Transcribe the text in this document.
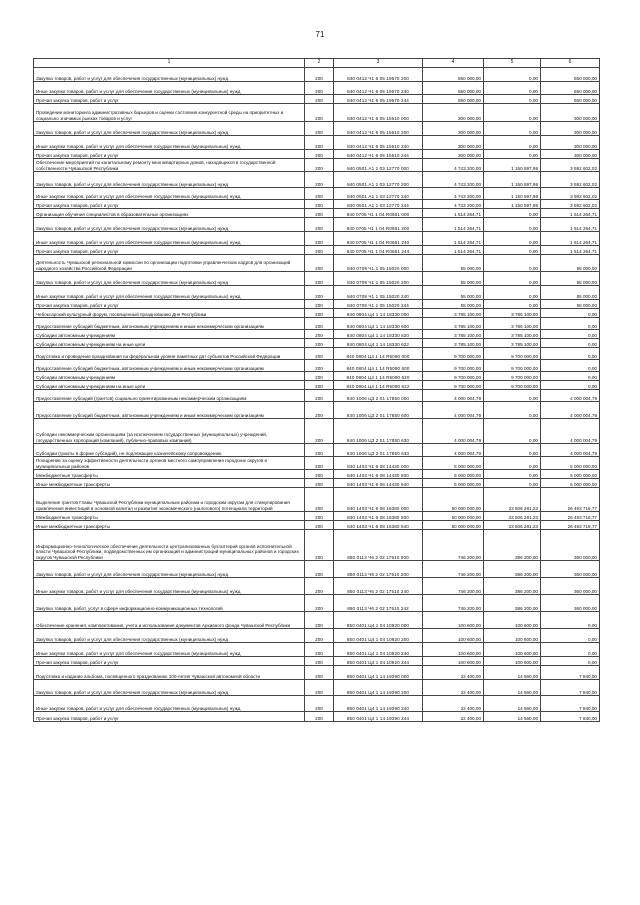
71
1	2	3	4	5	6
Закупка товаров, работ и услуг для обеспечения государственных (муниципальных) нужд	200	840 0412 Ч1 6 05 19570 200	550 000,00	0,00	550 000,00
Иные закупки товаров, работ и услуг для обеспечения государственных (муниципальных) нужд	200	840 0412 Ч1 6 05 19570 240	550 000,00	0,00	550 000,00
Прочая закупка товаров, работ и услуг	200	840 0412 Ч1 6 05 19570 244	550 000,00	0,00	550 000,00
Проведение мониторинга административных барьеров и оценки состояния конкурентной среды на приоритетных и социально значимых рынках товаров и услуг	200	840 0412 Ч1 6 05 15510 000	300 000,00	0,00	300 000,00
Закупка товаров, работ и услуг для обеспечения государственных (муниципальных) нужд	200	840 0412 Ч1 6 05 15510 200	300 000,00	0,00	300 000,00
Иные закупки товаров, работ и услуг для обеспечения государственных (муниципальных) нужд	200	840 0412 Ч1 6 05 15510 240	300 000,00	0,00	300 000,00
Прочая закупка товаров, работ и услуг	200	840 0412 Ч1 6 05 15510 244	300 000,00	0,00	300 000,00
Обеспечение мероприятий по капитальному ремонту многоквартирных домов, находящихся в государственной собственности Чувашской Республики	200	840 0501 А1 1 03 12770 000	4 743 200,00	1 150 597,98	3 592 602,02
Закупка товаров, работ и услуг для обеспечения государственных (муниципальных) нужд	200	840 0501 А1 1 03 12770 200	4 743 200,00	1 150 597,98	3 592 602,02
Иные закупки товаров, работ и услуг для обеспечения государственных (муниципальных) нужд	200	840 0501 А1 1 03 12770 240	4 743 200,00	1 150 597,98	3 592 602,02
Прочая закупка товаров, работ и услуг	200	840 0501 А1 1 03 12770 244	4 743 200,00	1 150 597,98	3 592 602,02
Организация обучения специалистов в образовательных организациях	200	840 0705 Ч1 1 04 R0661 000	1 514 264,71	0,00	1 514 264,71
Закупка товаров, работ и услуг для обеспечения государственных (муниципальных) нужд	200	840 0705 Ч1 1 04 R0661 200	1 514 264,71	0,00	1 514 264,71
Иные закупки товаров, работ и услуг для обеспечения государственных (муниципальных) нужд	200	840 0705 Ч1 1 04 R0661 240	1 514 264,71	0,00	1 514 264,71
Прочая закупка товаров, работ и услуг	200	840 0705 Ч1 1 04 R0661 244	1 514 264,71	0,00	1 514 264,71
Деятельность Чувашской региональной комиссии по организации подготовки управленческих кадров для организаций народного хозяйства Российской Федерации	200	840 0709 Ч1 1 05 15020 000	55 000,00	0,00	55 000,00
Закупка товаров, работ и услуг для обеспечения государственных (муниципальных) нужд	200	840 0709 Ч1 1 05 15020 200	55 000,00	0,00	55 000,00
Иные закупки товаров, работ и услуг для обеспечения государственных (муниципальных) нужд	200	840 0709 Ч1 1 05 15020 240	55 000,00	0,00	55 000,00
Прочая закупка товаров, работ и услуг	200	840 0709 Ч1 1 05 15020 244	55 000,00	0,00	55 000,00
Чебоксарский культурный форум, посвященный празднованию Дня Республики	200	840 0804 Ц4 1 14 18330 000	3 785 100,00	3 785 100,00	0,00
Предоставление субсидий бюджетным, автономным учреждениям и иным некоммерческим организациям	200	840 0804 Ц4 1 14 18330 600	3 785 100,00	3 785 100,00	0,00
Субсидии автономным учреждениям	200	840 0804 Ц4 1 14 18330 620	3 785 100,00	3 785 100,00	0,00
Субсидии автономным учреждениям на иные цели	200	840 0804 Ц4 1 14 18330 622	3 785 100,00	3 785 100,00	0,00
Подготовка и проведение празднования на федеральном уровне памятных дат субъектов Российской Федерации	200	840 0804 Ц4 1 14 R5090 000	9 700 000,00	9 700 000,00	0,00
Предоставление субсидий бюджетным, автономным учреждениям и иным некоммерческим организациям	200	840 0804 Ц4 1 14 R5090 600	9 700 000,00	9 700 000,00	0,00
Субсидии автономным учреждениям	200	840 0804 Ц4 1 14 R5090 620	9 700 000,00	9 700 000,00	0,00
Субсидии автономным учреждениям на иные цели	200	840 0804 Ц4 1 14 R5090 622	9 700 000,00	9 700 000,00	0,00
Предоставление субсидий (грантов) социально ориентированным некоммерческим организациям	200	840 1006 Ц3 2 01 17850 000	4 000 004,79	0,00	4 000 004,79
Предоставление субсидий бюджетным, автономным учреждениям и иным некоммерческим организациям	200	840 1006 Ц3 2 01 17850 600	4 000 004,79	0,00	4 000 004,79
Субсидии некоммерческим организациям (за исключением государственных (муниципальных) учреждений, государственных корпораций (компаний), публично-правовых компаний)	200	840 1006 Ц3 2 01 17850 630	4 000 004,79	0,00	4 000 004,79
Субсидии (гранты в форме субсидий), не подлежащие казначейскому сопровождению	200	840 1006 Ц3 2 01 17850 633	4 000 004,79	0,00	4 000 004,79
Поощрение за оценку эффективности деятельности органов местного самоуправления городских округов и муниципальных районов	200	840 1403 Ч1 6 08 14430 000	5 000 000,00	0,00	5 000 000,00
Межбюджетные трансферты	200	840 1403 Ч1 6 08 14430 500	5 000 000,00	0,00	5 000 000,00
Иные межбюджетные трансферты	200	840 1403 Ч1 6 08 14430 540	5 000 000,00	0,00	5 000 000,00
Выделение грантов Главы Чувашской Республики муниципальным районам и городским округам для стимулирования привлечения инвестиций в основной капитал и развития экономического (налогового) потенциала территорий	200	840 1403 Ч1 6 08 16380 000	50 000 000,00	23 506 281,23	26 493 718,77
Межбюджетные трансферты	200	840 1403 Ч1 6 08 16380 500	50 000 000,00	23 506 281,23	26 493 718,77
Иные межбюджетные трансферты	200	840 1403 Ч1 6 08 16380 540	50 000 000,00	23 506 281,23	26 493 718,77
Информационно-технологическое обеспечение деятельности централизованных бухгалтерий органов исполнительной власти Чувашской Республики, подведомственных им организаций и администраций муниципальных районов и городских округов Чувашской Республики	200	850 0113 Ч6 2 02 17510 000	746 200,00	386 200,00	360 000,00
Закупка товаров, работ и услуг для обеспечения государственных (муниципальных) нужд	200	850 0113 Ч6 2 02 17510 200	746 200,00	386 200,00	360 000,00
Иные закупки товаров, работ и услуг для обеспечения государственных (муниципальных) нужд	200	850 0113 Ч6 2 02 17510 240	746 200,00	386 200,00	360 000,00
Закупка товаров, работ, услуг в сфере информационно-коммуникационных технологий	200	850 0113 Ч6 2 02 17510 242	746 200,00	386 200,00	360 000,00
Обеспечение хранения, комплектования, учета и использования документов Архивного фонда Чувашской Республики	200	850 0401 Ц4 1 04 10920 000	100 600,00	100 600,00	0,00
Закупка товаров, работ и услуг для обеспечения государственных (муниципальных) нужд	200	850 0401 Ц4 1 04 10920 200	100 600,00	100 600,00	0,00
Иные закупки товаров, работ и услуг для обеспечения государственных (муниципальных) нужд	200	850 0401 Ц4 1 04 10920 240	100 600,00	100 600,00	0,00
Прочая закупка товаров, работ и услуг	200	850 0401 Ц4 1 04 10920 244	100 600,00	100 600,00	0,00
Подготовка и издание альбома, посвященного празднованию 100-летия Чувашской автономной области	200	850 0401 Ц4 1 14 19390 000	22 400,00	14 560,00	7 840,00
Закупка товаров, работ и услуг для обеспечения государственных (муниципальных) нужд	200	850 0401 Ц4 1 14 19390 200	22 400,00	14 560,00	7 840,00
Иные закупки товаров, работ и услуг для обеспечения государственных (муниципальных) нужд	200	850 0401 Ц4 1 14 19390 240	22 400,00	14 560,00	7 840,00
Прочая закупка товаров, работ и услуг	200	850 0401 Ц4 1 14 19390 244	22 400,00	14 560,00	7 840,00
